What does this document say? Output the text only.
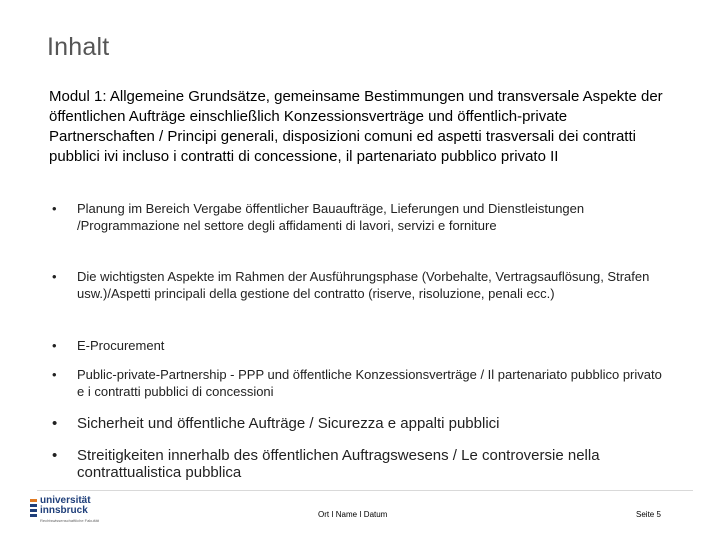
Inhalt

Modul 1: Allgemeine Grundsätze, gemeinsame Bestimmungen und transversale Aspekte der öffentlichen Aufträge einschließlich Konzessionsverträge und öffentlich-private Partnerschaften / Principi generali, disposizioni comuni ed aspetti trasversali dei contratti pubblici ivi incluso i contratti di concessione, il partenariato pubblico privato II

•	Planung im Bereich Vergabe öffentlicher Bauaufträge, Lieferungen und Dienstleistungen /Programmazione nel settore degli affidamenti di lavori, servizi e forniture
•	Die wichtigsten Aspekte im Rahmen der Ausführungsphase (Vorbehalte, Vertragsauflösung, Strafen usw.)/Aspetti principali della gestione del contratto (riserve, risoluzione, penali ecc.)
•	E-Procurement
•	Public-private-Partnership - PPP und öffentliche Konzessionsverträge / Il partenariato pubblico privato e i contratti pubblici di concessioni
•	Sicherheit und öffentliche Aufträge / Sicurezza e appalti pubblici
•	Streitigkeiten innerhalb des öffentlichen Auftragswesens / Le controversie nella contrattualistica pubblica
universität
innsbruck
Rechtswissenschaftliche Fakultät
Ort I Name I Datum	Seite 5
